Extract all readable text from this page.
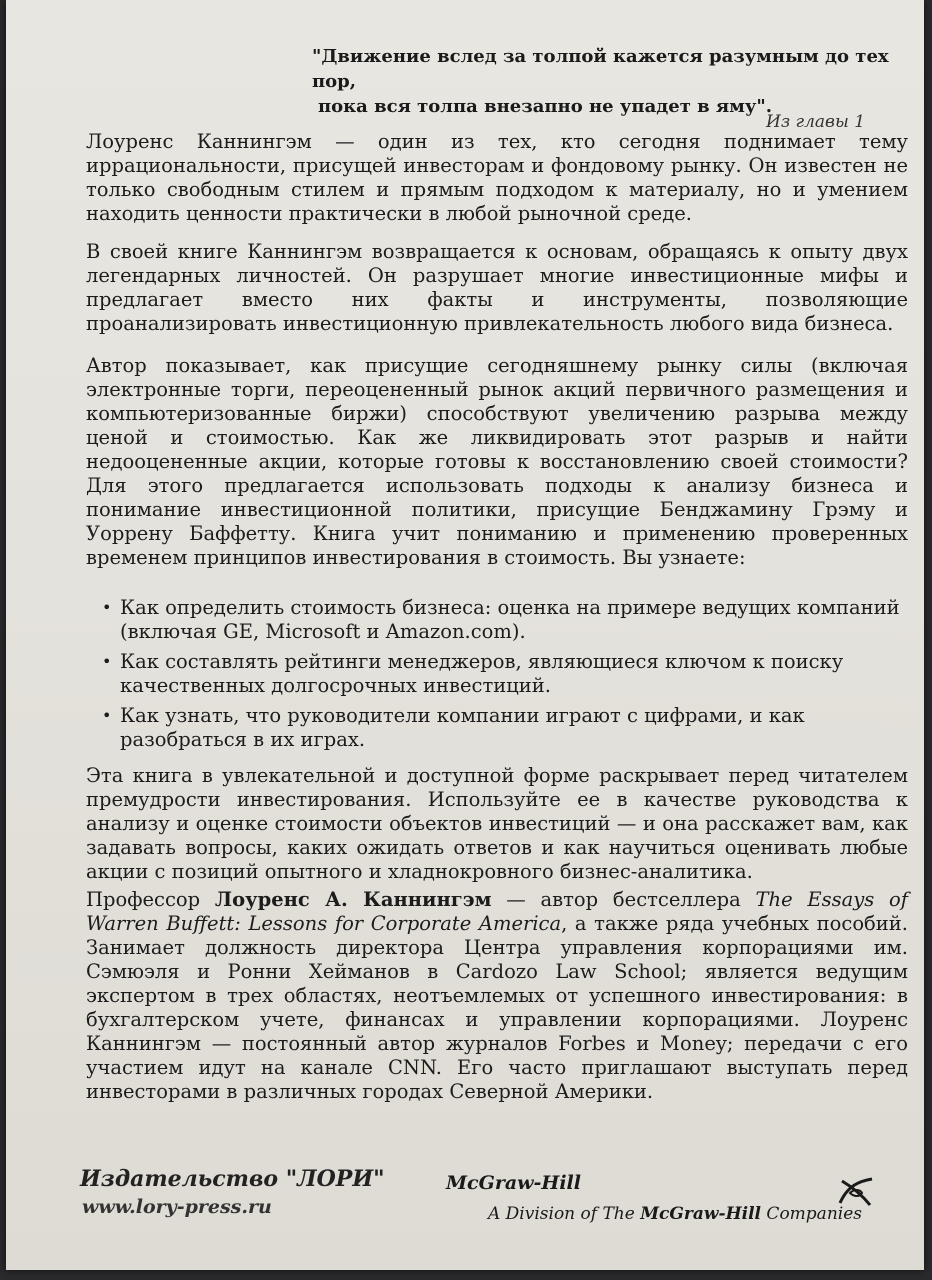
"Движение вслед за толпой кажется разумным до тех пор,
пока вся толпа внезапно не упадет в яму".

Из главы 1

Лоуренс Каннингэм — один из тех, кто сегодня поднимает тему иррациональности, присущей инвесторам и фондовому рынку. Он известен не только свободным стилем и прямым подходом к материалу, но и умением находить ценности практически в любой рыночной среде.

В своей книге Каннингэм возвращается к основам, обращаясь к опыту двух легендарных личностей. Он разрушает многие инвестиционные мифы и предлагает вместо них факты и инструменты, позволяющие проанализировать инвестиционную привлекательность любого вида бизнеса.

Автор показывает, как присущие сегодняшнему рынку силы (включая электронные торги, переоцененный рынок акций первичного размещения и компьютеризованные биржи) способствуют увеличению разрыва между ценой и стоимостью. Как же ликвидировать этот разрыв и найти недооцененные акции, которые готовы к восстановлению своей стоимости? Для этого предлагается использовать подходы к анализу бизнеса и понимание инвестиционной политики, присущие Бенджамину Грэму и Уоррену Баффетту. Книга учит пониманию и применению проверенных временем принципов инвестирования в стоимость. Вы узнаете:

• Как определить стоимость бизнеса: оценка на примере ведущих компаний (включая GE, Microsoft и Amazon.com).
• Как составлять рейтинги менеджеров, являющиеся ключом к поиску качественных долгосрочных инвестиций.
• Как узнать, что руководители компании играют с цифрами, и как разобраться в их играх.

Эта книга в увлекательной и доступной форме раскрывает перед читателем премудрости инвестирования. Используйте ее в качестве руководства к анализу и оценке стоимости объектов инвестиций — и она расскажет вам, как задавать вопросы, каких ожидать ответов и как научиться оценивать любые акции с позиций опытного и хладнокровного бизнес-аналитика.

Профессор Лоуренс А. Каннингэм — автор бестселлера The Essays of Warren Buffett: Lessons for Corporate America, а также ряда учебных пособий. Занимает должность директора Центра управления корпорациями им. Сэмюэля и Ронни Хейманов в Cardozo Law School; является ведущим экспертом в трех областях, неотъемлемых от успешного инвестирования: в бухгалтерском учете, финансах и управлении корпорациями. Лоуренс Каннингэм — постоянный автор журналов Forbes и Money; передачи с его участием идут на канале CNN. Его часто приглашают выступать перед инвесторами в различных городах Северной Америки.

Издательство "ЛОРИ"
www.lory-press.ru
McGraw-Hill
A Division of The McGraw-Hill Companies
